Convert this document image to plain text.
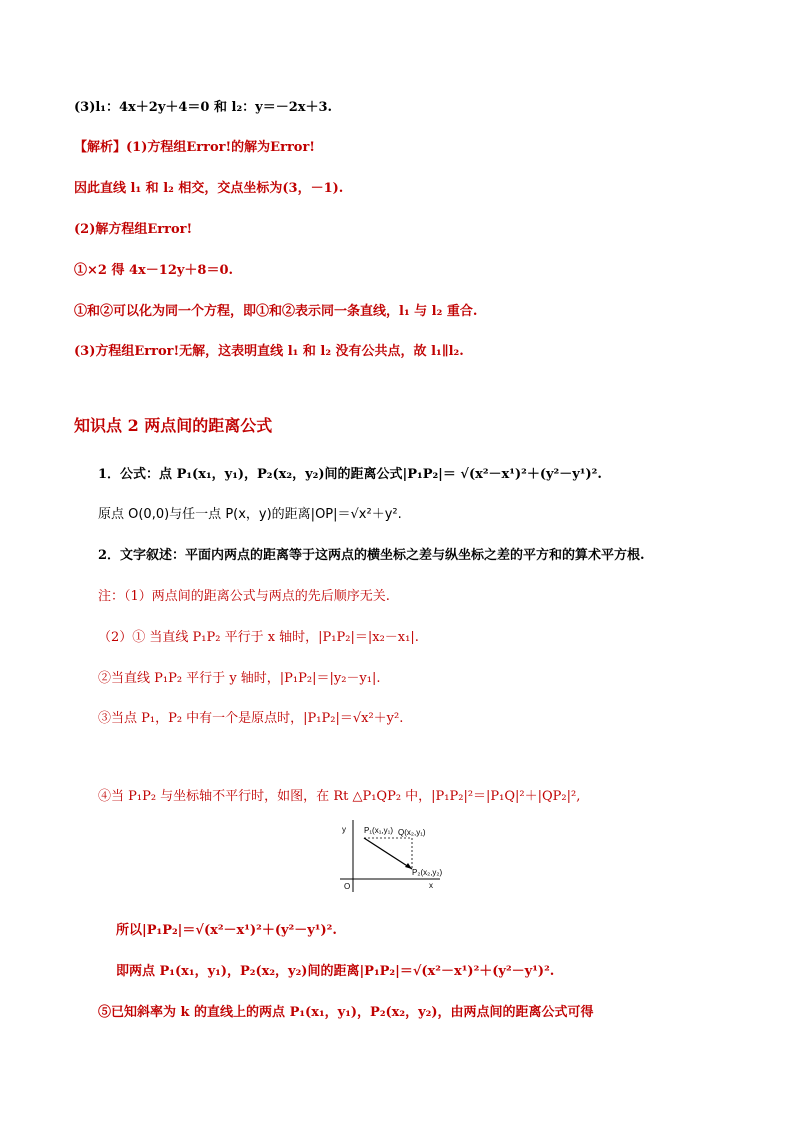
(3)l₁：4x＋2y＋4＝0 和 l₂：y＝－2x＋3.
【解析】(1)方程组Error!的解为Error!
因此直线 l₁ 和 l₂ 相交，交点坐标为(3，－1).
(2)解方程组Error!
①×2 得 4x－12y＋8＝0.
①和②可以化为同一个方程，即①和②表示同一条直线，l₁ 与 l₂ 重合.
(3)方程组Error!无解，这表明直线 l₁ 和 l₂ 没有公共点，故 l₁∥l₂.
知识点 2 两点间的距离公式
1．公式：点 P₁(x₁，y₁)，P₂(x₂，y₂)间的距离公式|P₁P₂|＝ √(x²－x¹)²＋(y²－y¹)².
原点 O(0,0)与任一点 P(x，y)的距离|OP|＝√x²＋y².
2．文字叙述：平面内两点的距离等于这两点的横坐标之差与纵坐标之差的平方和的算术平方根.
注：（1）两点间的距离公式与两点的先后顺序无关.
（2）① 当直线 P₁P₂ 平行于 x 轴时，|P₁P₂|＝|x₂－x₁|.
②当直线 P₁P₂ 平行于 y 轴时，|P₁P₂|＝|y₂－y₁|.
③当点 P₁，P₂ 中有一个是原点时，|P₁P₂|＝√x²＋y².
④当 P₁P₂ 与坐标轴不平行时，如图，在 Rt △P₁QP₂ 中，|P₁P₂|²＝|P₁Q|²＋|QP₂|²,
y
x
O
P₁(x₁,y₁) Q(x₂,y₁)
P₂(x₂,y₂)
所以|P₁P₂|＝√(x²－x¹)²＋(y²－y¹)².
即两点 P₁(x₁，y₁)，P₂(x₂，y₂)间的距离|P₁P₂|＝√(x²－x¹)²＋(y²－y¹)².
⑤已知斜率为 k 的直线上的两点 P₁(x₁，y₁)，P₂(x₂，y₂)，由两点间的距离公式可得
